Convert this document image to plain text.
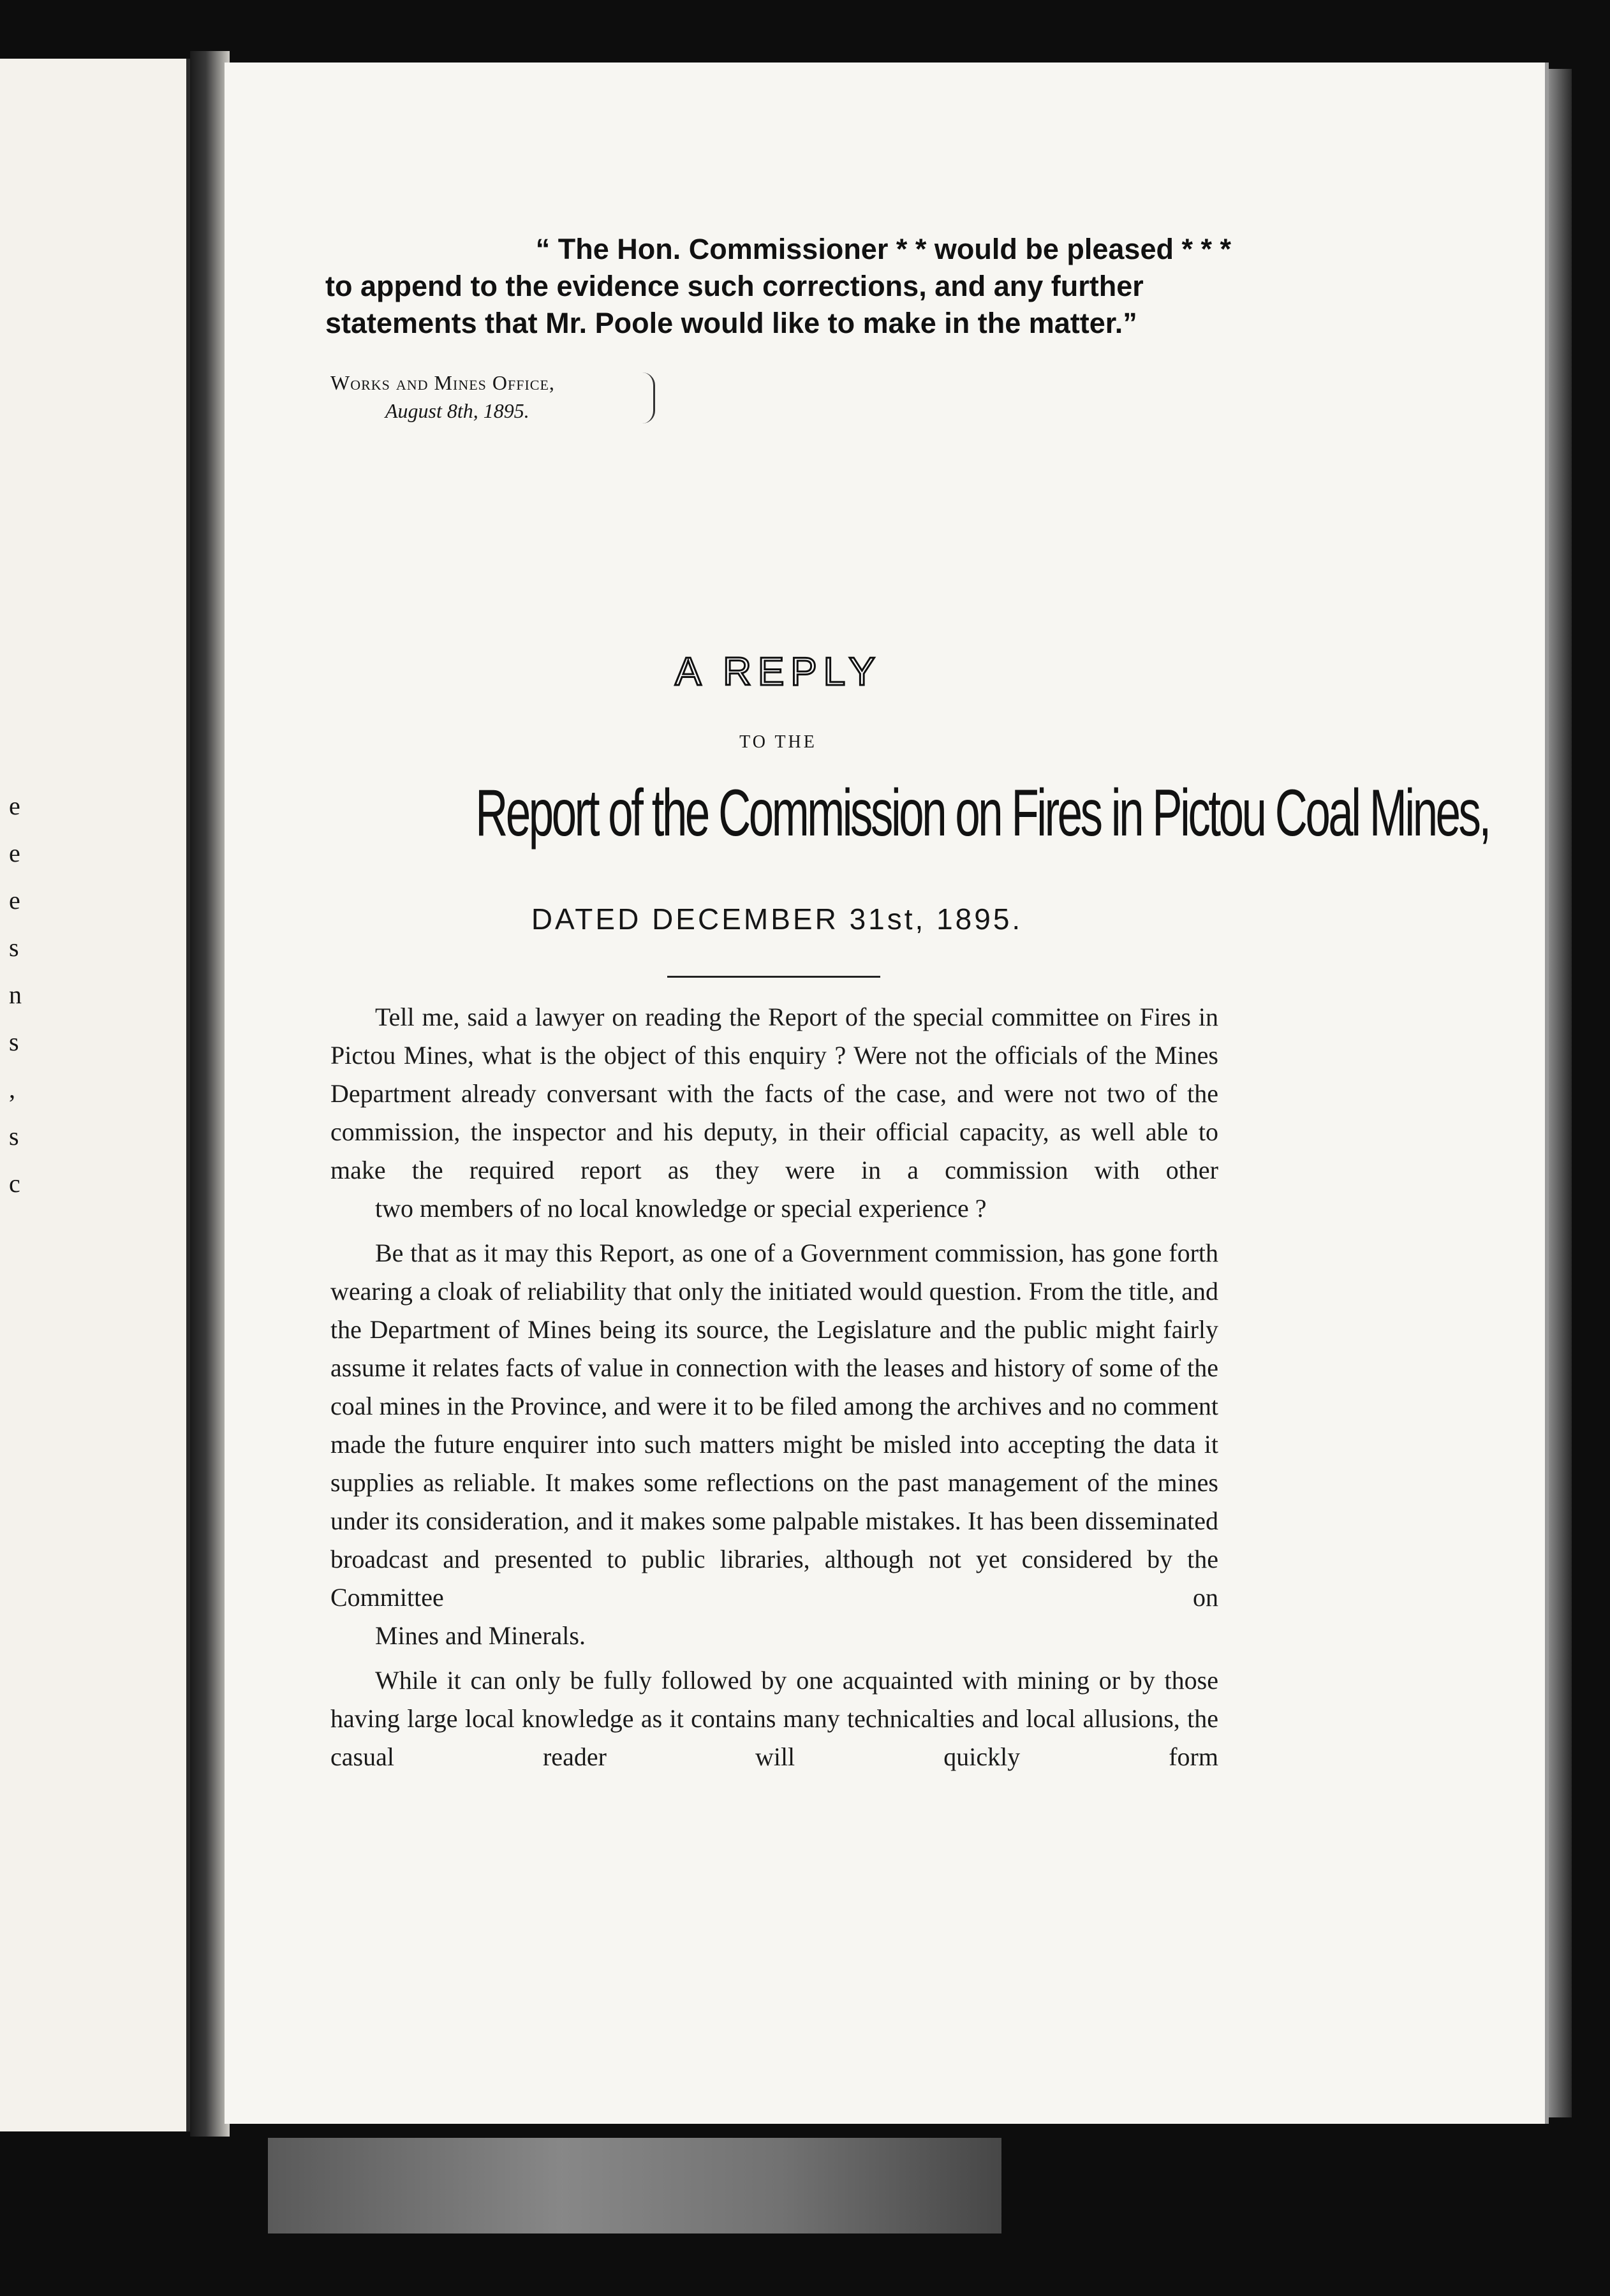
e
e
e
s
n
s
,
s
c
“ The Hon. Commissioner * * would be pleased * * *
to append to the evidence such corrections, and any further
statements that Mr. Poole would like to make in the matter.”
Works and Mines Office,
August 8th, 1895.
A REPLY
TO THE
Report of the Commission on Fires in Pictou Coal Mines,
DATED DECEMBER 31st, 1895.

Tell me, said a lawyer on reading the Report of the special committee on Fires in Pictou Mines, what is the object of this enquiry ? Were not the officials of the Mines Department already conversant with the facts of the case, and were not two of the commission, the inspector and his deputy, in their official capacity, as well able to make the required report as they were in a commission with other
two members of no local knowledge or special experience ?

Be that as it may this Report, as one of a Government commission, has gone forth wearing a cloak of reliability that only the initiated would question. From the title, and the Department of Mines being its source, the Legislature and the public might fairly assume it relates facts of value in connection with the leases and history of some of the coal mines in the Province, and were it to be filed among the archives and no comment made the future enquirer into such matters might be misled into accepting the data it supplies as reliable. It makes some reflections on the past management of the mines under its consideration, and it makes some palpable mistakes. It has been disseminated broadcast and presented to public libraries, although not yet considered by the Committee on
Mines and Minerals.

While it can only be fully followed by one acquainted with mining or by those having large local knowledge as it contains many technicalties and local allusions, the casual reader will quickly form
